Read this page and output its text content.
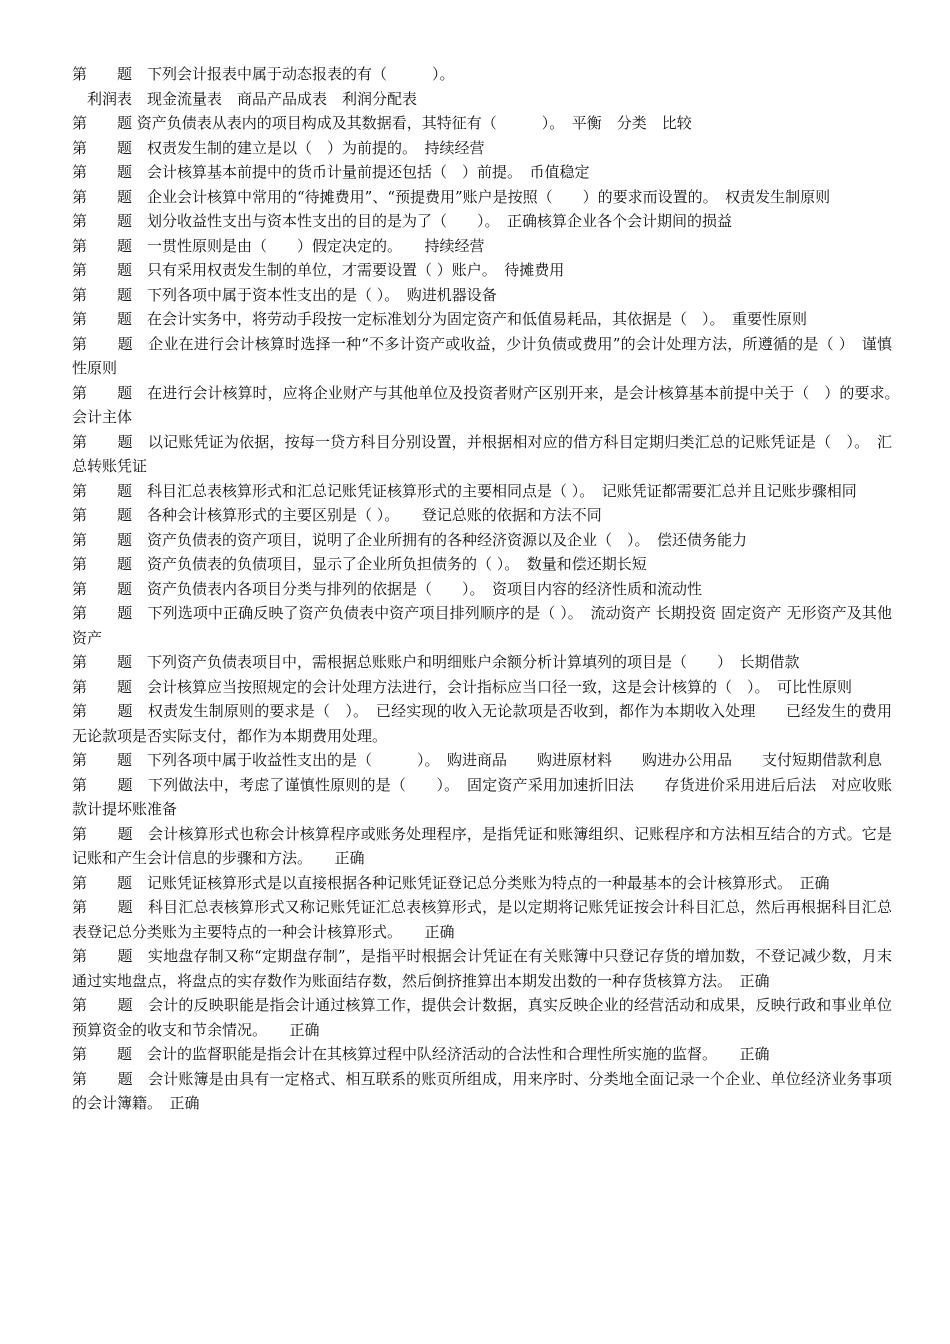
第　　题　下列会计报表中属于动态报表的有（　　　）。

　利润表　现金流量表　商品产品成表　利润分配表

第　　题 资产负债表从表内的项目构成及其数据看，其特征有（　　　）。　平衡　分类　比较

第　　题　权责发生制的建立是以（　）为前提的。　持续经营

第　　题　会计核算基本前提中的货币计量前提还包括（　）前提。　币值稳定

第　　题　企业会计核算中常用的“待摊费用”、“预提费用”账户是按照（　　）的要求而设置的。　权责发生制原则

第　　题　划分收益性支出与资本性支出的目的是为了（　　）。　正确核算企业各个会计期间的损益

第　　题　一贯性原则是由（　　）假定决定的。　　持续经营

第　　题　只有采用权责发生制的单位，才需要设置（ ）账户。　待摊费用

第　　题　下列各项中属于资本性支出的是（ ）。　购进机器设备

第　　题　在会计实务中，将劳动手段按一定标准划分为固定资产和低值易耗品，其依据是（　）。　重要性原则

第　　题　企业在进行会计核算时选择一种“不多计资产或收益，少计负债或费用”的会计处理方法，所遵循的是（ ）　谨慎性原则

第　　题　在进行会计核算时，应将企业财产与其他单位及投资者财产区别开来，是会计核算基本前提中关于（　）的要求。　　会计主体

第　　题　以记账凭证为依据，按每一贷方科目分别设置，并根据相对应的借方科目定期归类汇总的记账凭证是（　）。　汇总转账凭证

第　　题　科目汇总表核算形式和汇总记账凭证核算形式的主要相同点是（ ）。　记账凭证都需要汇总并且记账步骤相同

第　　题　各种会计核算形式的主要区别是（ ）。　　登记总账的依据和方法不同

第　　题　资产负债表的资产项目，说明了企业所拥有的各种经济资源以及企业（　）。　偿还债务能力

第　　题　资产负债表的负债项目，显示了企业所负担债务的（ ）。　数量和偿还期长短

第　　题　资产负债表内各项目分类与排列的依据是（　　）。　资项目内容的经济性质和流动性

第　　题　下列选项中正确反映了资产负债表中资产项目排列顺序的是（ ）。　流动资产 长期投资 固定资产 无形资产及其他资产

第　　题　下列资产负债表项目中，需根据总账账户和明细账户余额分析计算填列的项目是（　　）　长期借款

第　　题　会计核算应当按照规定的会计处理方法进行，会计指标应当口径一致，这是会计核算的（　）。　可比性原则

第　　题　权责发生制原则的要求是（　）。　已经实现的收入无论款项是否收到，都作为本期收入处理　　已经发生的费用无论款项是否实际支付，都作为本期费用处理。

第　　题　下列各项中属于收益性支出的是（　　　）。　购进商品　　购进原材料　　购进办公用品　　支付短期借款利息

第　　题　下列做法中，考虑了谨慎性原则的是（　　）。　固定资产采用加速折旧法　　存货进价采用进后后法　对应收账款计提坏账准备

第　　题　会计核算形式也称会计核算程序或账务处理程序，是指凭证和账簿组织、记账程序和方法相互结合的方式。它是记账和产生会计信息的步骤和方法。　　正确

第　　题　记账凭证核算形式是以直接根据各种记账凭证登记总分类账为特点的一种最基本的会计核算形式。　正确

第　　题　科目汇总表核算形式又称记账凭证汇总表核算形式，是以定期将记账凭证按会计科目汇总，然后再根据科目汇总表登记总分类账为主要特点的一种会计核算形式。　　正确

第　　题　实地盘存制又称“定期盘存制”，是指平时根据会计凭证在有关账簿中只登记存货的增加数，不登记减少数，月末通过实地盘点，将盘点的实存数作为账面结存数，然后倒挤推算出本期发出数的一种存货核算方法。　正确

第　　题　会计的反映职能是指会计通过核算工作，提供会计数据，真实反映企业的经营活动和成果，反映行政和事业单位预算资金的收支和节余情况。　　正确

第　　题　会计的监督职能是指会计在其核算过程中队经济活动的合法性和合理性所实施的监督。　　正确

第　　题　会计账簿是由具有一定格式、相互联系的账页所组成，用来序时、分类地全面记录一个企业、单位经济业务事项的会计簿籍。　正确
